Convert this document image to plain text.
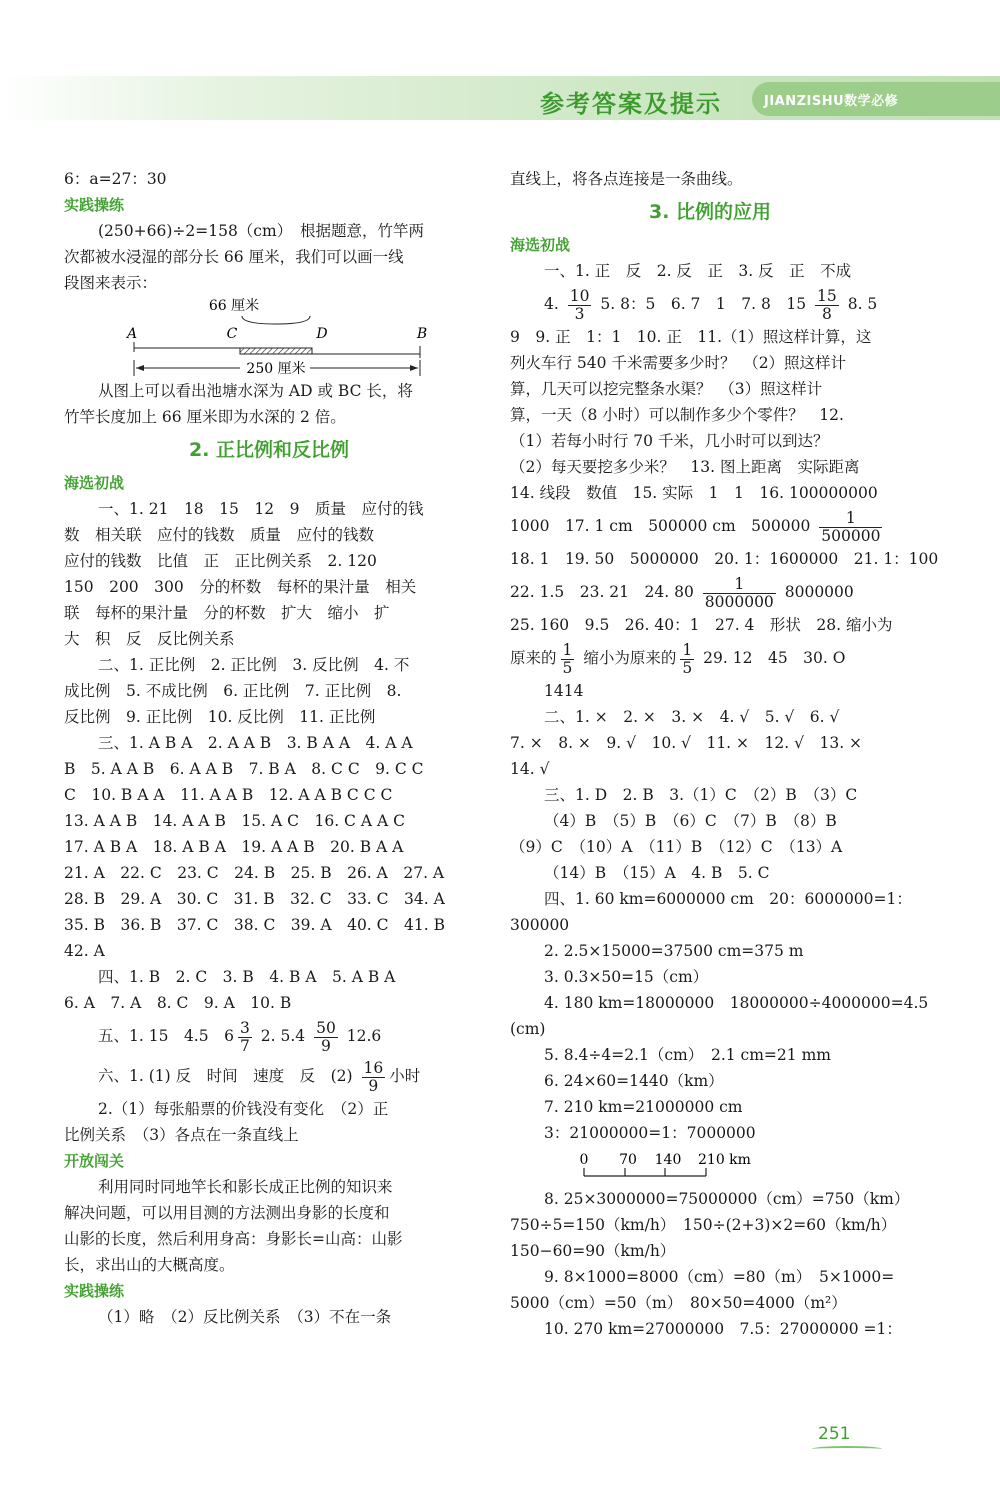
参考答案及提示	JIANZISHU数学必修
6：a=27：30
实践操练
(250+66)÷2=158（cm）　根据题意，竹竿两
次都被水浸湿的部分长 66 厘米，我们可以画一线
段图来表示：
66 厘米
A	C	D	B
250 厘米
从图上可以看出池塘水深为 AD 或 BC 长，将
竹竿长度加上 66 厘米即为水深的 2 倍。
2. 正比例和反比例
海选初战
一、1. 21　18　15　12　9　质量　应付的钱
数　相关联　应付的钱数　质量　应付的钱数
应付的钱数　比值　正　正比例关系　2. 120
150　200　300　分的杯数　每杯的果汁量　相关
联　每杯的果汁量　分的杯数　扩大　缩小　扩
大　积　反　反比例关系
二、1. 正比例　2. 正比例　3. 反比例　4. 不
成比例　5. 不成比例　6. 正比例　7. 正比例　8.
反比例　9. 正比例　10. 反比例　11. 正比例
三、1. A B A　2. A A B　3. B A A　4. A A
B　5. A A B　6. A A B　7. B A　8. C C　9. C C
C　10. B A A　11. A A B　12. A A B C C C
13. A A B　14. A A B　15. A C　16. C A A C
17. A B A　18. A B A　19. A A B　20. B A A
21. A　22. C　23. C　24. B　25. B　26. A　27. A
28. B　29. A　30. C　31. B　32. C　33. C　34. A
35. B　36. B　37. C　38. C　39. A　40. C　41. B
42. A
四、1. B　2. C　3. B　4. B A　5. A B A
6. A　7. A　8. C　9. A　10. B
五、1. 15　4.5　$6 \frac{3}{7} 2$. $5.4 \frac{50}{9} 12.6$
六、1. (1) 反　时间　速度　反　$(2) \frac{16}{9}$ 小时
2.（1）每张船票的价钱没有变化　（2）正
比例关系　（3）各点在一条直线上
开放闯关
利用同时同地竿长和影长成正比例的知识来
解决问题，可以用目测的方法测出身影的长度和
山影的长度，然后利用身高：身影长=山高：山影
长，求出山的大概高度。
实践操练
（1）略　（2）反比例关系　（3）不在一条
直线上，将各点连接是一条曲线。
3. 比例的应用
海选初战
一、1. 正　反　2. 反　正　3. 反　正　不成
4. $\frac{10}{3} 5$. 8：5　6. 7　1　7. 8　$15 \frac{15}{8} 8$. 5
9　9. 正　1：1　10. 正　11.（1）照这样计算，这
列火车行 540 千米需要多少时？　（2）照这样计
算，几天可以挖完整条水渠？　（3）照这样计
算，一天（8 小时）可以制作多少个零件？　12.
（1）若每小时行 70 千米，几小时可以到达？
（2）每天要挖多少米？　13. 图上距离　实际距离
14. 线段　数值　15. 实际　1　1　16. 100000000
1000　17. 1 cm　500000 cm　$500000 \frac{1}{500000}$
18. 1　19. 50　5000000　20. 1：1600000　21. 1：100
22. 1.5　23. 21　24. $80 \frac{1}{8000000} 8000000$
25. 160　9.5　26. 40：1　27. 4　形状　28. 缩小为
原来的 $\frac{1}{5}$ 缩小为原来的 $\frac{1}{5} 29$. 12　45　30. O
1414
二、1. ×　2. ×　3. ×　4. √　5. √　6. √
7. ×　8. ×　9. √　10. √　11. ×　12. √　13. ×
14. √
三、1. D　2. B　3.（1）C　（2）B　（3）C
（4）B　（5）B　（6）C　（7）B　（8）B
（9）C　（10）A　（11）B　（12）C　（13）A
（14）B　（15）A　4. B　5. C
四、1. 60 km=6000000 cm　20：6000000=1：
300000
2. 2.5×15000=37500 cm=375 m
3. 0.3×50=15（cm）
4. 180 km=18000000　18000000÷4000000=4.5
(cm)
5. 8.4÷4=2.1（cm）　2.1 cm=21 mm
6. 24×60=1440（km）
7. 210 km=21000000 cm
3：21000000=1：7000000
0 70 140 210 km
8. 25×3000000=75000000（cm）=750（km）
750÷5=150（km/h）　150÷(2+3)×2=60（km/h）
150−60=90（km/h）
9. 8×1000=8000（cm）=80（m）　5×1000=
5000（cm）=50（m）　80×50=4000（m²）
10. 270 km=27000000　7.5：27000000 =1：
251
